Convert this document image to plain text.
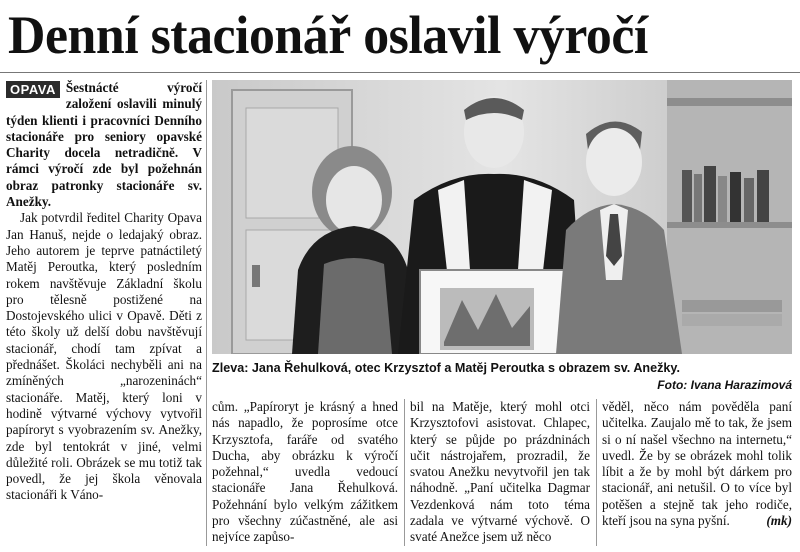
Denní stacionář oslavil výročí

OPAVA Šestnácté výročí založení oslavili minulý týden klienti i pracovníci Denního stacionáře pro seniory opavské Charity docela netradičně. V rámci výročí zde byl požehnán obraz patronky stacionáře sv. Anežky.

Jak potvrdil ředitel Charity Opava Jan Hanuš, nejde o ledajaký obraz. Jeho autorem je teprve patnáctiletý Matěj Peroutka, který posledním rokem navštěvuje Základní školu pro tělesně postižené na Dostojevského ulici v Opavě. Děti z této školy už delší dobu navštěvují stacionář, chodí tam zpívat a přednášet. Školáci nechyběli ani na zmíněných „narozeninách“ stacionáře. Matěj, který loni v hodině výtvarné výchovy vytvořil papíroryt s vyobrazením sv. Anežky, zde byl tentokrát v jiné, velmi důležité roli. Obrázek se mu totiž tak povedl, že jej škola věnovala stacionáři k Váno-

Zleva: Jana Řehulková, otec Krzysztof a Matěj Peroutka s obrazem sv. Anežky.
Foto: Ivana Harazimová

cům. „Papíroryt je krásný a hned nás napadlo, že poprosíme otce Krzysztofa, faráře od svatého Ducha, aby obrázku k výročí požehnal,“ uvedla vedoucí stacionáře Jana Řehulková. Požehnání bylo velkým zážitkem pro všechny zúčastněné, ale asi nejvíce zapůso-

bil na Matěje, který mohl otci Krzysztofovi asistovat. Chlapec, který se půjde po prázdninách učit nástrojařem, prozradil, že svatou Anežku nevytvořil jen tak náhodně. „Paní učitelka Dagmar Vezdenková nám toto téma zadala ve výtvarné výchově. O svaté Anežce jsem už něco

věděl, něco nám pověděla paní učitelka. Zaujalo mě to tak, že jsem si o ní našel všechno na internetu,“ uvedl. Že by se obrázek mohl tolik líbit a že by mohl být dárkem pro stacionář, ani netušil. O to více byl potěšen a stejně tak jeho rodiče, kteří jsou na syna pyšní.	(mk)
